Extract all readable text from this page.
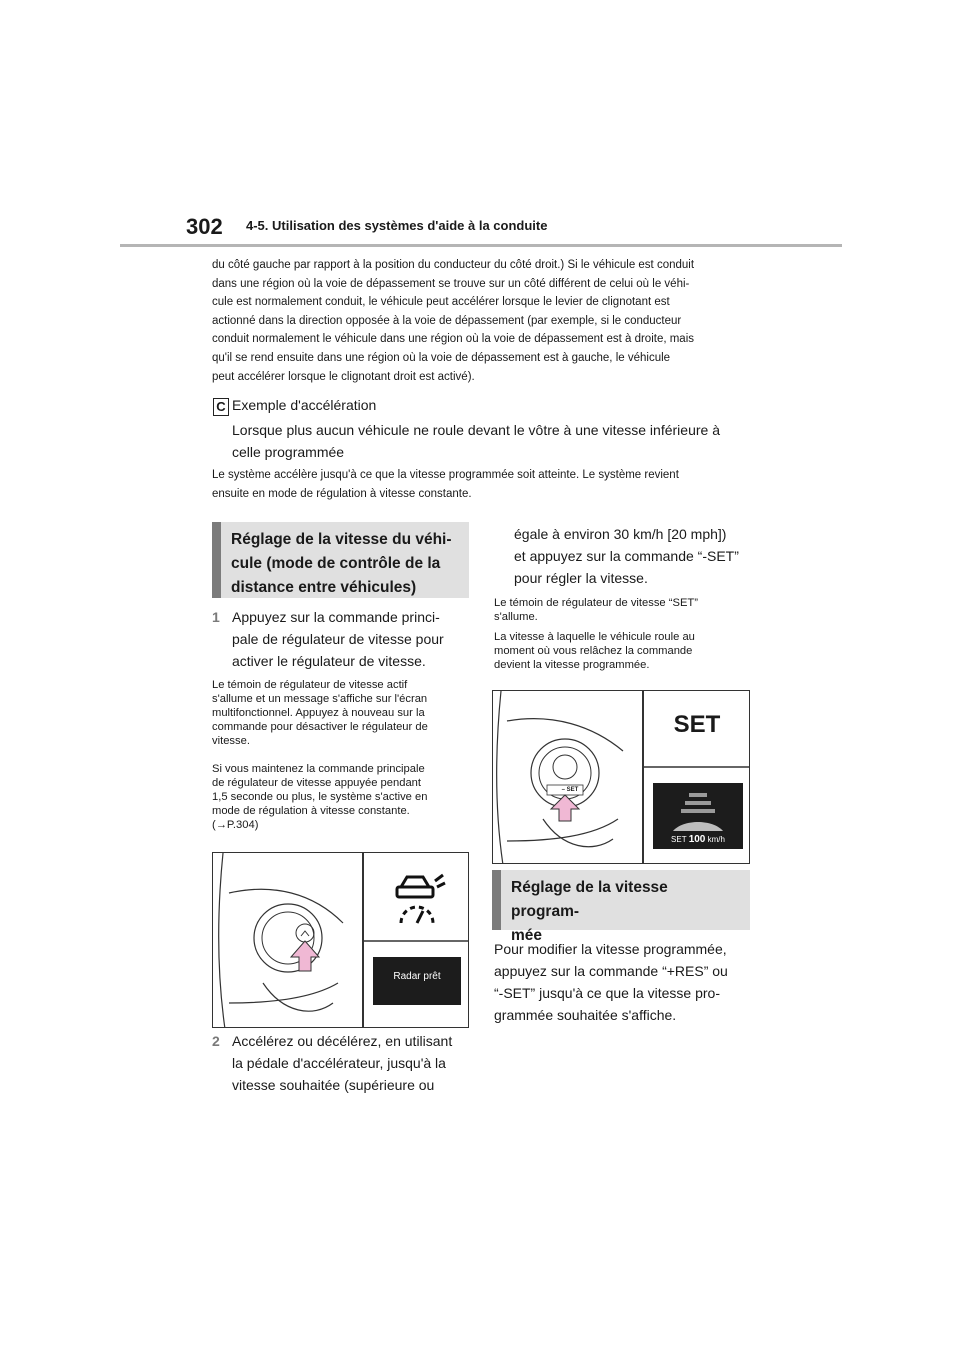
302 4-5. Utilisation des systèmes d'aide à la conduite

du côté gauche par rapport à la position du conducteur du côté droit.) Si le véhicule est conduit

dans une région où la voie de dépassement se trouve sur un côté différent de celui où le véhi-

cule est normalement conduit, le véhicule peut accélérer lorsque le levier de clignotant est

actionné dans la direction opposée à la voie de dépassement (par exemple, si le conducteur

conduit normalement le véhicule dans une région où la voie de dépassement est à droite, mais

qu'il se rend ensuite dans une région où la voie de dépassement est à gauche, le véhicule

peut accélérer lorsque le clignotant droit est activé).

C Exemple d'accélération
Lorsque plus aucun véhicule ne roule devant le vôtre à une vitesse inférieure à
celle programmée
Le système accélère jusqu'à ce que la vitesse programmée soit atteinte. Le système revient
ensuite en mode de régulation à vitesse constante.
Réglage de la vitesse du véhi-
cule (mode de contrôle de la
distance entre véhicules)
1 Appuyez sur la commande princi-
pale de régulateur de vitesse pour
activer le régulateur de vitesse.
Le témoin de régulateur de vitesse actif
s'allume et un message s'affiche sur l'écran
multifonctionnel. Appuyez à nouveau sur la
commande pour désactiver le régulateur de
vitesse.
Si vous maintenez la commande principale
de régulateur de vitesse appuyée pendant
1,5 seconde ou plus, le système s'active en
mode de régulation à vitesse constante.
(→P.304)
Radar prêt
2 Accélérez ou décélérez, en utilisant
la pédale d'accélérateur, jusqu'à la
vitesse souhaitée (supérieure ou
égale à environ 30 km/h [20 mph])
et appuyez sur la commande “-SET”
pour régler la vitesse.
Le témoin de régulateur de vitesse “SET”
s'allume.
La vitesse à laquelle le véhicule roule au
moment où vous relâchez la commande
devient la vitesse programmée.
– SET
SET
SET 100 km/h
Réglage de la vitesse program-
mée
Pour modifier la vitesse programmée,
appuyez sur la commande “+RES” ou
“-SET” jusqu'à ce que la vitesse pro-
grammée souhaitée s'affiche.
